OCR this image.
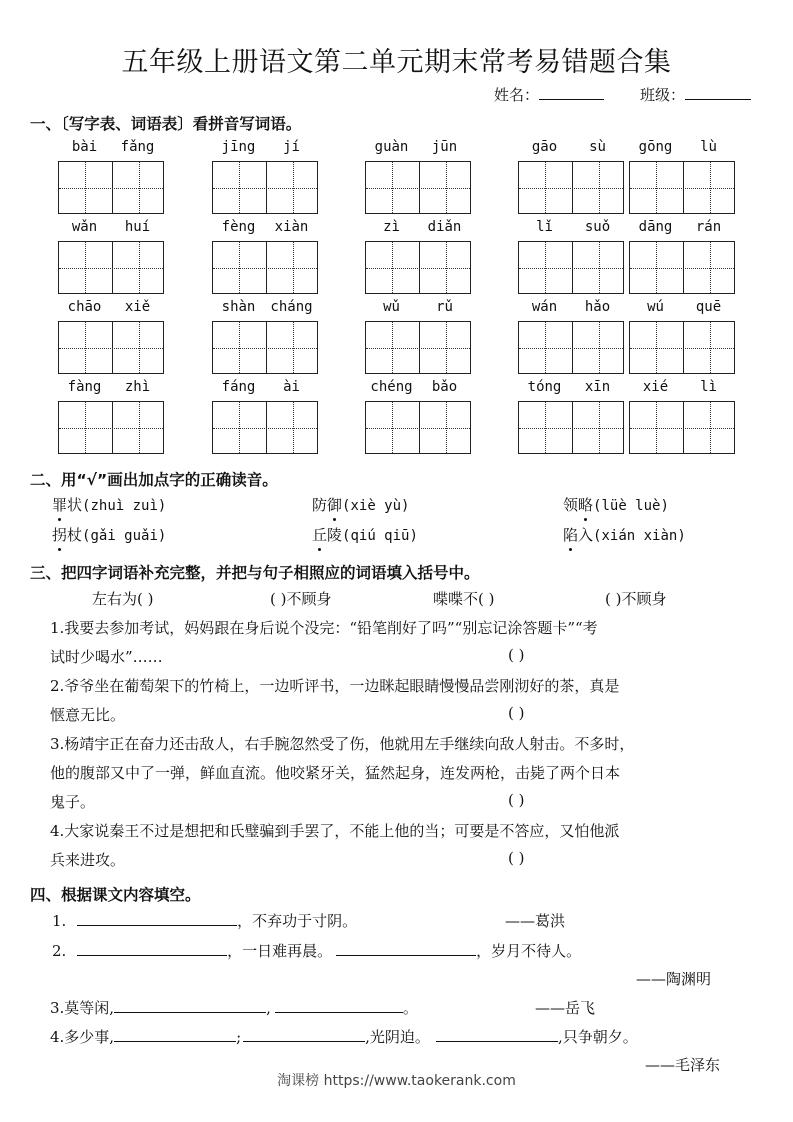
五年级上册语文第二单元期末常考易错题合集
姓名：	班级：
一、〔写字表、词语表〕看拼音写词语。
bài	fǎng	jīng	jí	guàn	jūn	gāo	sù	gōng	lù
wǎn	huí	fèng	xiàn	zì	diǎn	lǐ	suǒ	dāng	rán
chāo	xiě	shàn	cháng	wǔ	rǔ	wán	hǎo	wú	quē
fàng	zhì	fáng	ài	chéng	bǎo	tóng	xīn	xié	lì
二、用“√”画出加点字的正确读音。
罪状(zhuì zuì)	防御(xiè yù)	领略(lüè luè)
拐杖(gǎi guǎi)	丘陵(qiú qiū)	陷入(xián xiàn)
三、把四字词语补充完整，并把与句子相照应的词语填入括号中。
左右为( )	( )不顾身	喋喋不( )	( )不顾身
1.我要去参加考试，妈妈跟在身后说个没完：“铅笔削好了吗”“别忘记涂答题卡”“考
试时少喝水”……	( )
2.爷爷坐在葡萄架下的竹椅上，一边听评书，一边眯起眼睛慢慢品尝刚沏好的茶，真是
惬意无比。	( )
3.杨靖宇正在奋力还击敌人，右手腕忽然受了伤，他就用左手继续向敌人射击。不多时，
他的腹部又中了一弹，鲜血直流。他咬紧牙关，猛然起身，连发两枪，击毙了两个日本
鬼子。	( )
4.大家说秦王不过是想把和氏璧骗到手罢了，不能上他的当；可要是不答应，又怕他派
兵来进攻。	( )
四、根据课文内容填空。
1.	，不弃功于寸阴。	——葛洪
2.	，一日难再晨。	，岁月不待人。
——陶渊明
3.莫等闲,	,	。	——岳飞
4.多少事,	;	,光阴迫。	,只争朝夕。
——毛泽东
淘课榜 https://www.taokerank.com
